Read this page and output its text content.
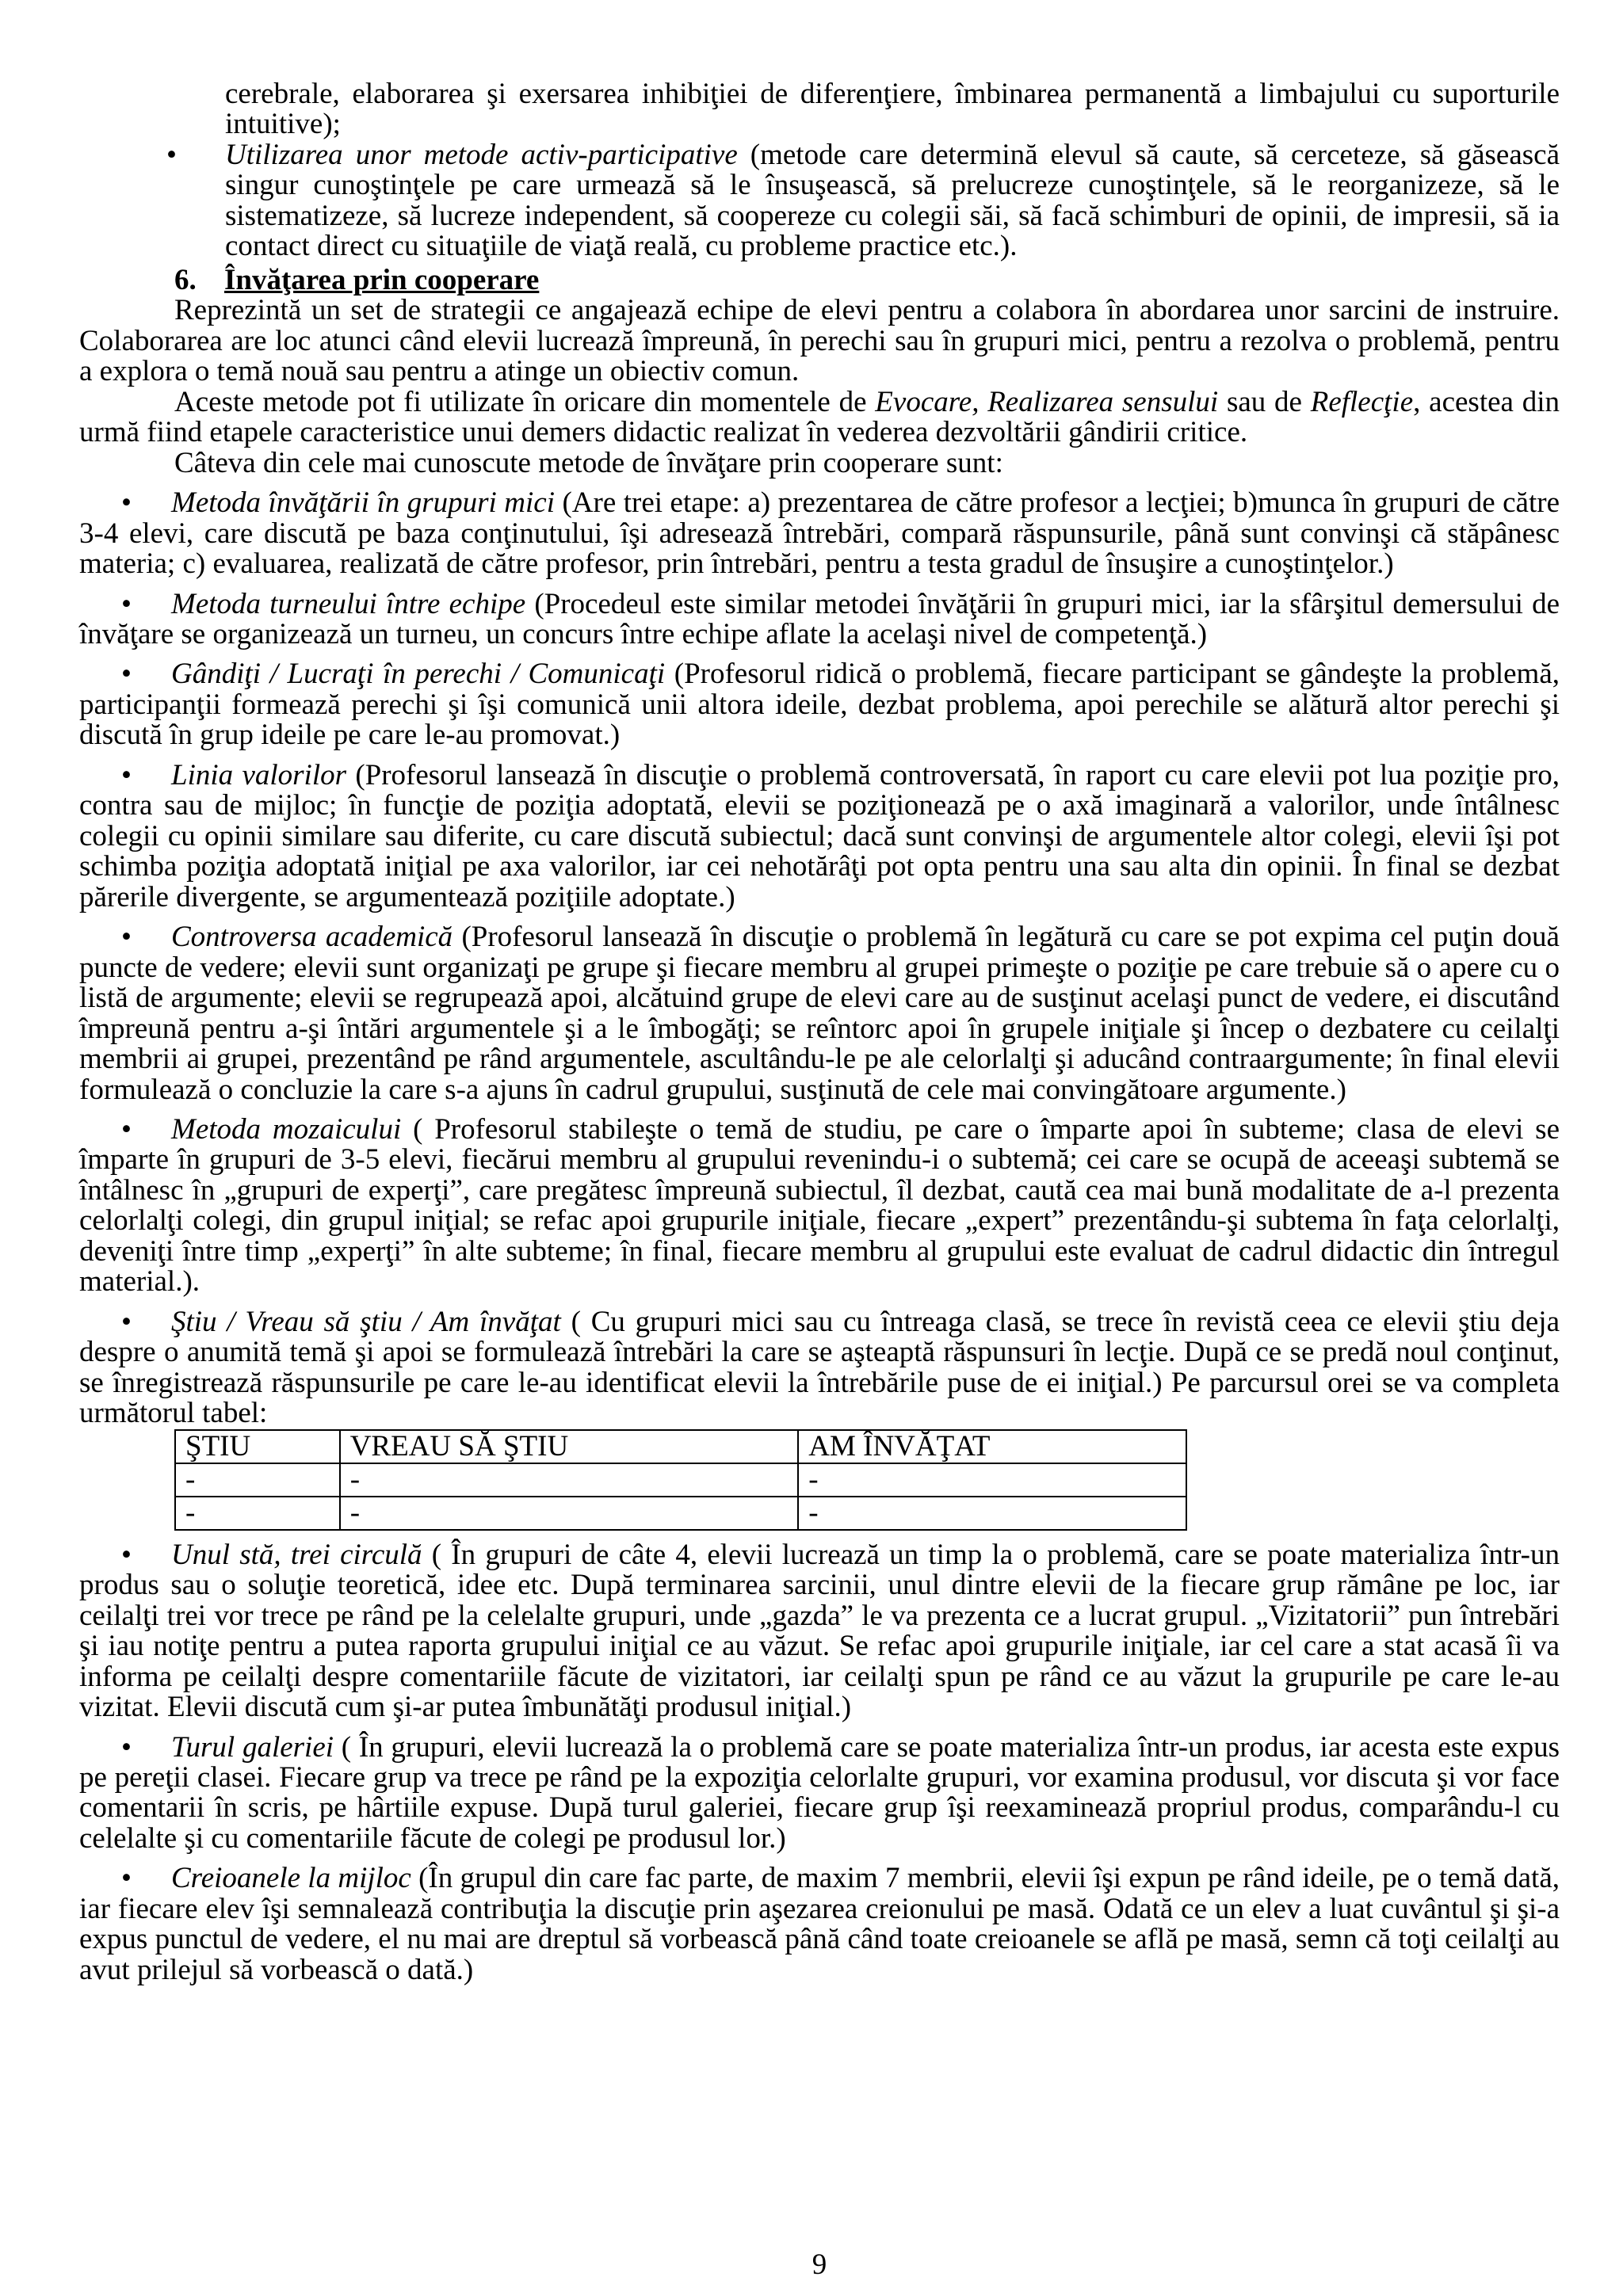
cerebrale, elaborarea şi exersarea inhibiţiei de diferenţiere, îmbinarea permanentă a limbajului cu suporturile intuitive);

• Utilizarea unor metode activ-participative (metode care determină elevul să caute, să cerceteze, să găsească singur cunoştinţele pe care urmează să le însuşească, să prelucreze cunoştinţele, să le reorganizeze, să le sistematizeze, să lucreze independent, să coopereze cu colegii săi, să facă schimburi de opinii, de impresii, să ia contact direct cu situaţiile de viaţă reală, cu probleme practice etc.).

6. Învăţarea prin cooperare

Reprezintă un set de strategii ce angajează echipe de elevi pentru a colabora în abordarea unor sarcini de instruire. Colaborarea are loc atunci când elevii lucrează împreună, în perechi sau în grupuri mici, pentru a rezolva o problemă, pentru a explora o temă nouă sau pentru a atinge un obiectiv comun.

Aceste metode pot fi utilizate în oricare din momentele de Evocare, Realizarea sensului sau de Reflecţie, acestea din urmă fiind etapele caracteristice unui demers didactic realizat în vederea dezvoltării gândirii critice.

Câteva din cele mai cunoscute metode de învăţare prin cooperare sunt:

• Metoda învăţării în grupuri mici (Are trei etape: a) prezentarea de către profesor a lecţiei; b)munca în grupuri de către 3-4 elevi, care discută pe baza conţinutului, îşi adresează întrebări, compară răspunsurile, până sunt convinşi că stăpânesc materia; c) evaluarea, realizată de către profesor, prin întrebări, pentru a testa gradul de însuşire a cunoştinţelor.)

• Metoda turneului între echipe (Procedeul este similar metodei învăţării în grupuri mici, iar la sfârşitul demersului de învăţare se organizează un turneu, un concurs între echipe aflate la acelaşi nivel de competenţă.)

• Gândiţi / Lucraţi în perechi / Comunicaţi (Profesorul ridică o problemă, fiecare participant se gândeşte la problemă, participanţii formează perechi şi îşi comunică unii altora ideile, dezbat problema, apoi perechile se alătură altor perechi şi discută în grup ideile pe care le-au promovat.)

• Linia valorilor (Profesorul lansează în discuţie o problemă controversată, în raport cu care elevii pot lua poziţie pro, contra sau de mijloc; în funcţie de poziţia adoptată, elevii se poziţionează pe o axă imaginară a valorilor, unde întâlnesc colegii cu opinii similare sau diferite, cu care discută subiectul; dacă sunt convinşi de argumentele altor colegi, elevii îşi pot schimba poziţia adoptată iniţial pe axa valorilor, iar cei nehotărâţi pot opta pentru una sau alta din opinii. În final se dezbat părerile divergente, se argumentează poziţiile adoptate.)

• Controversa academică (Profesorul lansează în discuţie o problemă în legătură cu care se pot expima cel puţin două puncte de vedere; elevii sunt organizaţi pe grupe şi fiecare membru al grupei primeşte o poziţie pe care trebuie să o apere cu o listă de argumente; elevii se regrupează apoi, alcătuind grupe de elevi care au de susţinut acelaşi punct de vedere, ei discutând împreună pentru a-şi întări argumentele şi a le îmbogăţi; se reîntorc apoi în grupele iniţiale şi încep o dezbatere cu ceilalţi membrii ai grupei, prezentând pe rând argumentele, ascultându-le pe ale celorlalţi şi aducând contraargumente; în final elevii formulează o concluzie la care s-a ajuns în cadrul grupului, susţinută de cele mai convingătoare argumente.)

• Metoda mozaicului ( Profesorul stabileşte o temă de studiu, pe care o împarte apoi în subteme; clasa de elevi se împarte în grupuri de 3-5 elevi, fiecărui membru al grupului revenindu-i o subtemă; cei care se ocupă de aceeaşi subtemă se întâlnesc în „grupuri de experţi”, care pregătesc împreună subiectul, îl dezbat, caută cea mai bună modalitate de a-l prezenta celorlalţi colegi, din grupul iniţial; se refac apoi grupurile iniţiale, fiecare „expert” prezentându-şi subtema în faţa celorlalţi, deveniţi între timp „experţi” în alte subteme; în final, fiecare membru al grupului este evaluat de cadrul didactic din întregul material.).

• Ştiu / Vreau să ştiu / Am învăţat ( Cu grupuri mici sau cu întreaga clasă, se trece în revistă ceea ce elevii ştiu deja despre o anumită temă şi apoi se formulează întrebări la care se aşteaptă răspunsuri în lecţie. După ce se predă noul conţinut, se înregistrează răspunsurile pe care le-au identificat elevii la întrebările puse de ei iniţial.) Pe parcursul orei se va completa următorul tabel:

ŞTIU	VREAU SĂ ŞTIU	AM ÎNVĂŢAT
-	-	-
-	-	-

• Unul stă, trei circulă ( În grupuri de câte 4, elevii lucrează un timp la o problemă, care se poate materializa într-un produs sau o soluţie teoretică, idee etc. După terminarea sarcinii, unul dintre elevii de la fiecare grup rămâne pe loc, iar ceilalţi trei vor trece pe rând pe la celelalte grupuri, unde „gazda” le va prezenta ce a lucrat grupul. „Vizitatorii” pun întrebări şi iau notiţe pentru a putea raporta grupului iniţial ce au văzut. Se refac apoi grupurile iniţiale, iar cel care a stat acasă îi va informa pe ceilalţi despre comentariile făcute de vizitatori, iar ceilalţi spun pe rând ce au văzut la grupurile pe care le-au vizitat. Elevii discută cum şi-ar putea îmbunătăţi produsul iniţial.)

• Turul galeriei ( În grupuri, elevii lucrează la o problemă care se poate materializa într-un produs, iar acesta este expus pe pereţii clasei. Fiecare grup va trece pe rând pe la expoziţia celorlalte grupuri, vor examina produsul, vor discuta şi vor face comentarii în scris, pe hârtiile expuse. După turul galeriei, fiecare grup îşi reexaminează propriul produs, comparându-l cu celelalte şi cu comentariile făcute de colegi pe produsul lor.)

• Creioanele la mijloc (În grupul din care fac parte, de maxim 7 membrii, elevii îşi expun pe rând ideile, pe o temă dată, iar fiecare elev îşi semnalează contribuţia la discuţie prin aşezarea creionului pe masă. Odată ce un elev a luat cuvântul şi şi-a expus punctul de vedere, el nu mai are dreptul să vorbească până când toate creioanele se află pe masă, semn că toţi ceilalţi au avut prilejul să vorbească o dată.)

9
